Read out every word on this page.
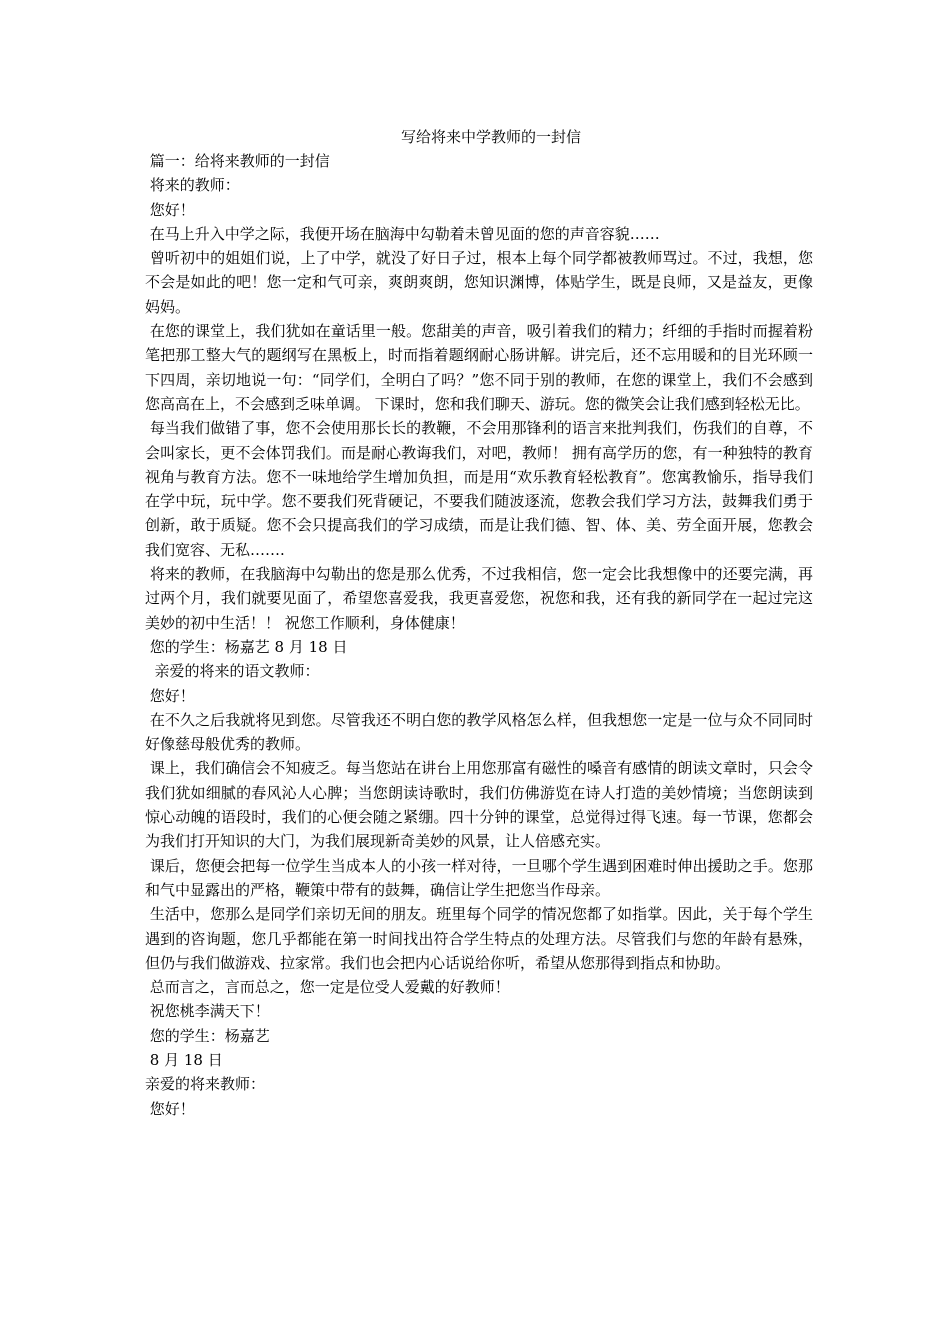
写给将来中学教师的一封信

篇一：给将来教师的一封信

将来的教师：

您好！

在马上升入中学之际，我便开场在脑海中勾勒着未曾见面的您的声音容貌……

曾听初中的姐姐们说，上了中学，就没了好日子过，根本上每个同学都被教师骂过。不过，我想，您不会是如此的吧！您一定和气可亲，爽朗爽朗，您知识渊博，体贴学生，既是良师，又是益友，更像妈妈。

在您的课堂上，我们犹如在童话里一般。您甜美的声音，吸引着我们的精力；纤细的手指时而握着粉笔把那工整大气的题纲写在黑板上，时而指着题纲耐心肠讲解。讲完后，还不忘用暖和的目光环顾一下四周，亲切地说一句：“同学们，全明白了吗？”您不同于别的教师，在您的课堂上，我们不会感到您高高在上，不会感到乏味单调。 下课时，您和我们聊天、游玩。您的微笑会让我们感到轻松无比。

每当我们做错了事，您不会使用那长长的教鞭，不会用那锋利的语言来批判我们，伤我们的自尊，不会叫家长，更不会体罚我们。而是耐心教诲我们，对吧，教师！ 拥有高学历的您，有一种独特的教育视角与教育方法。您不一味地给学生增加负担，而是用“欢乐教育轻松教育”。您寓教愉乐，指导我们在学中玩，玩中学。您不要我们死背硬记，不要我们随波逐流，您教会我们学习方法，鼓舞我们勇于创新，敢于质疑。您不会只提高我们的学习成绩，而是让我们德、智、体、美、劳全面开展，您教会我们宽容、无私…….

将来的教师，在我脑海中勾勒出的您是那么优秀，不过我相信，您一定会比我想像中的还要完满，再过两个月，我们就要见面了，希望您喜爱我，我更喜爱您，祝您和我，还有我的新同学在一起过完这美妙的初中生活！！ 祝您工作顺利，身体健康！

您的学生：杨嘉艺 8 月 18 日

亲爱的将来的语文教师：

您好！

在不久之后我就将见到您。尽管我还不明白您的教学风格怎么样，但我想您一定是一位与众不同同时好像慈母般优秀的教师。

课上，我们确信会不知疲乏。每当您站在讲台上用您那富有磁性的嗓音有感情的朗读文章时，只会令我们犹如细腻的春风沁人心脾；当您朗读诗歌时，我们仿佛游览在诗人打造的美妙情境；当您朗读到惊心动魄的语段时，我们的心便会随之紧绷。四十分钟的课堂，总觉得过得飞速。每一节课，您都会为我们打开知识的大门，为我们展现新奇美妙的风景，让人倍感充实。

课后，您便会把每一位学生当成本人的小孩一样对待，一旦哪个学生遇到困难时伸出援助之手。您那和气中显露出的严格，鞭策中带有的鼓舞，确信让学生把您当作母亲。

生活中，您那么是同学们亲切无间的朋友。班里每个同学的情况您都了如指掌。因此，关于每个学生遇到的咨询题，您几乎都能在第一时间找出符合学生特点的处理方法。尽管我们与您的年龄有悬殊，但仍与我们做游戏、拉家常。我们也会把内心话说给你听，希望从您那得到指点和协助。

总而言之，言而总之，您一定是位受人爱戴的好教师！

祝您桃李满天下！

您的学生：杨嘉艺

8 月 18 日

亲爱的将来教师：

您好！
